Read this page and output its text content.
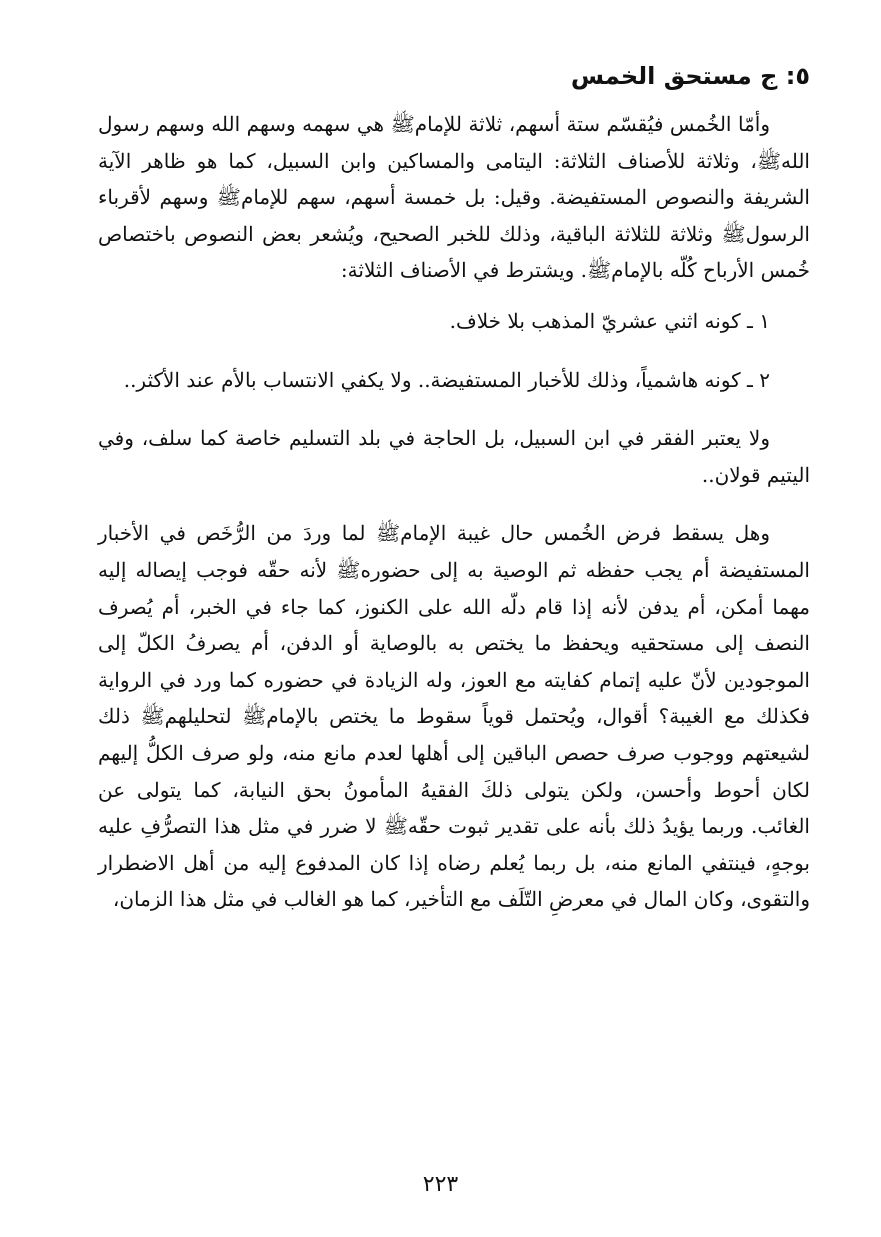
٥: ج مستحق الخمس

وأمّا الخُمس فيُقسّم ستة أسهم، ثلاثة للإمامﷺ هي سهمه وسهم الله وسهم رسول اللهﷺ، وثلاثة للأصناف الثلاثة: اليتامى والمساكين وابن السبيل، كما هو ظاهر الآية الشريفة والنصوص المستفيضة. وقيل: بل خمسة أسهم، سهم للإمامﷺ وسهم لأقرباء الرسولﷺ وثلاثة للثلاثة الباقية، وذلك للخبر الصحيح، ويُشعر بعض النصوص باختصاص خُمس الأرباح كُلّه بالإمامﷺ. ويشترط في الأصناف الثلاثة:

١ ـ كونه اثني عشريّ المذهب بلا خلاف.

٢ ـ كونه هاشمياً، وذلك للأخبار المستفيضة.. ولا يكفي الانتساب بالأم عند الأكثر..

ولا يعتبر الفقر في ابن السبيل، بل الحاجة في بلد التسليم خاصة كما سلف، وفي اليتيم قولان..

وهل يسقط فرض الخُمس حال غيبة الإمامﷺ لما وردَ من الرُّخَص في الأخبار المستفيضة أم يجب حفظه ثم الوصية به إلى حضورهﷺ لأنه حقّه فوجب إيصاله إليه مهما أمكن، أم يدفن لأنه إذا قام دلّه الله على الكنوز، كما جاء في الخبر، أم يُصرف النصف إلى مستحقيه ويحفظ ما يختص به بالوصاية أو الدفن، أم يصرفُ الكلّ إلى الموجودين لأنّ عليه إتمام كفايته مع العوز، وله الزيادة في حضوره كما ورد في الرواية فكذلك مع الغيبة؟ أقوال، ويُحتمل قوياً سقوط ما يختص بالإمامﷺ لتحليلهمﷺ ذلك لشيعتهم ووجوب صرف حصص الباقين إلى أهلها لعدم مانع منه، ولو صرف الكلُّ إليهم لكان أحوط وأحسن، ولكن يتولى ذلكَ الفقيهُ المأمونُ بحق النيابة، كما يتولى عن الغائب. وربما يؤيدُ ذلك بأنه على تقدير ثبوت حقّهﷺ لا ضرر في مثل هذا التصرُّفِ عليه بوجهٍ، فينتفي المانع منه، بل ربما يُعلم رضاه إذا كان المدفوع إليه من أهل الاضطرار والتقوى، وكان المال في معرضِ التّلَف مع التأخير، كما هو الغالب في مثل هذا الزمان،

٢٢٣
